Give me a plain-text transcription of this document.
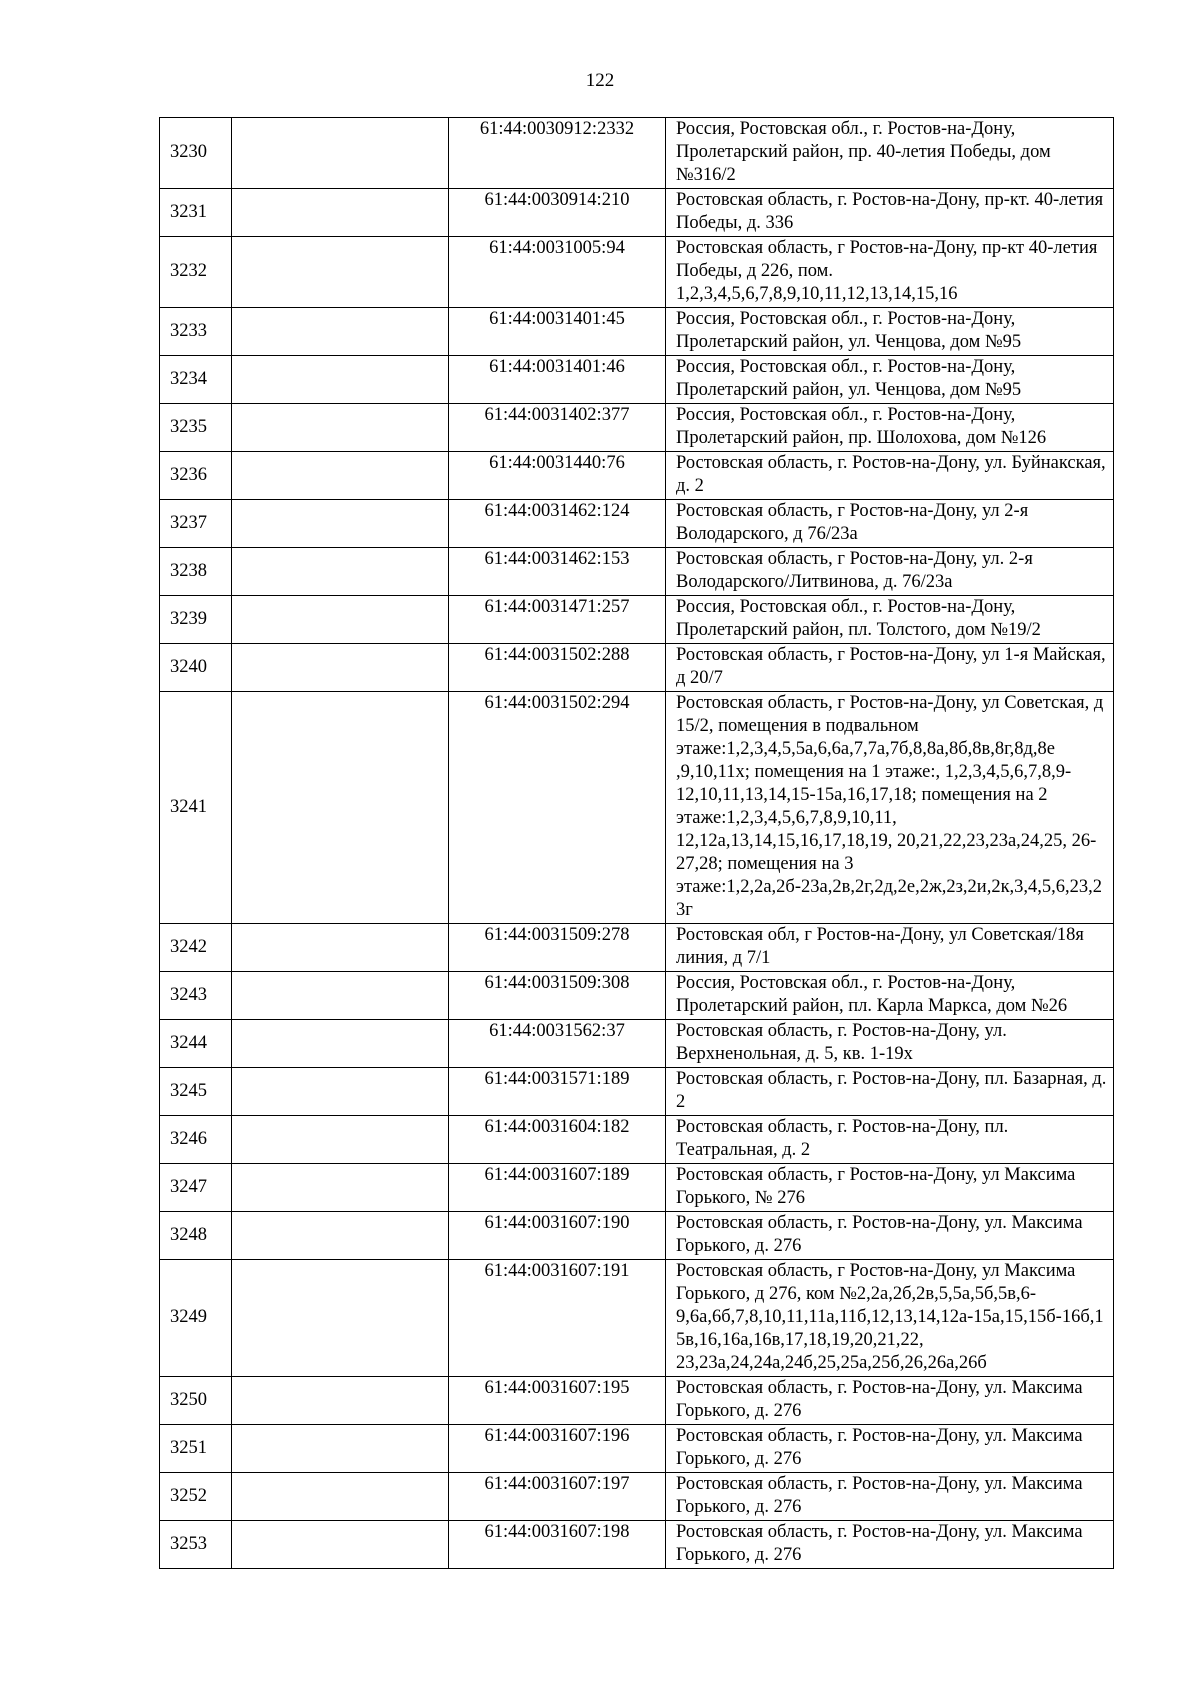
122
3230		61:44:0030912:2332	Россия, Ростовская обл., г. Ростов-на-Дону, Пролетарский район, пр. 40-летия Победы, дом №316/2
3231		61:44:0030914:210	Ростовская область, г. Ростов-на-Дону, пр-кт. 40-летия Победы, д. 336
3232		61:44:0031005:94	Ростовская область, г Ростов-на-Дону, пр-кт 40-летия Победы, д 226, пом. 1,2,3,4,5,6,7,8,9,10,11,12,13,14,15,16
3233		61:44:0031401:45	Россия, Ростовская обл., г. Ростов-на-Дону, Пролетарский район, ул. Ченцова, дом №95
3234		61:44:0031401:46	Россия, Ростовская обл., г. Ростов-на-Дону, Пролетарский район, ул. Ченцова, дом №95
3235		61:44:0031402:377	Россия, Ростовская обл., г. Ростов-на-Дону, Пролетарский район, пр. Шолохова, дом №126
3236		61:44:0031440:76	Ростовская область, г. Ростов-на-Дону, ул. Буйнакская, д. 2
3237		61:44:0031462:124	Ростовская область, г Ростов-на-Дону, ул 2-я Володарского, д 76/23а
3238		61:44:0031462:153	Ростовская область, г Ростов-на-Дону, ул. 2-я Володарского/Литвинова, д. 76/23а
3239		61:44:0031471:257	Россия, Ростовская обл., г. Ростов-на-Дону, Пролетарский район, пл. Толстого, дом №19/2
3240		61:44:0031502:288	Ростовская область, г Ростов-на-Дону, ул 1-я Майская, д 20/7
3241		61:44:0031502:294	Ростовская область, г Ростов-на-Дону, ул Советская, д 15/2, помещения в подвальном этаже:1,2,3,4,5,5а,6,6а,7,7а,7б,8,8а,8б,8в,8г,8д,8е ,9,10,11х; помещения на 1 этаже:, 1,2,3,4,5,6,7,8,9-12,10,11,13,14,15-15а,16,17,18; помещения на 2 этаже:1,2,3,4,5,6,7,8,9,10,11, 12,12а,13,14,15,16,17,18,19, 20,21,22,23,23а,24,25, 26-27,28; помещения на 3 этаже:1,2,2а,2б-23а,2в,2г,2д,2е,2ж,2з,2и,2к,3,4,5,6,23,23г
3242		61:44:0031509:278	Ростовская обл, г Ростов-на-Дону, ул Советская/18я линия, д 7/1
3243		61:44:0031509:308	Россия, Ростовская обл., г. Ростов-на-Дону, Пролетарский район, пл. Карла Маркса, дом №26
3244		61:44:0031562:37	Ростовская область, г. Ростов-на-Дону, ул. Верхненольная, д. 5, кв. 1-19х
3245		61:44:0031571:189	Ростовская область, г. Ростов-на-Дону, пл. Базарная, д. 2
3246		61:44:0031604:182	Ростовская область, г. Ростов-на-Дону, пл. Театральная, д. 2
3247		61:44:0031607:189	Ростовская область, г Ростов-на-Дону, ул Максима Горького, № 276
3248		61:44:0031607:190	Ростовская область, г. Ростов-на-Дону, ул. Максима Горького, д. 276
3249		61:44:0031607:191	Ростовская область, г Ростов-на-Дону, ул Максима Горького, д 276, ком №2,2а,2б,2в,5,5а,5б,5в,6-9,6а,6б,7,8,10,11,11а,11б,12,13,14,12а-15а,15,15б-16б,15в,16,16а,16в,17,18,19,20,21,22, 23,23а,24,24а,24б,25,25а,25б,26,26а,26б
3250		61:44:0031607:195	Ростовская область, г. Ростов-на-Дону, ул. Максима Горького, д. 276
3251		61:44:0031607:196	Ростовская область, г. Ростов-на-Дону, ул. Максима Горького, д. 276
3252		61:44:0031607:197	Ростовская область, г. Ростов-на-Дону, ул. Максима Горького, д. 276
3253		61:44:0031607:198	Ростовская область, г. Ростов-на-Дону, ул. Максима Горького, д. 276
